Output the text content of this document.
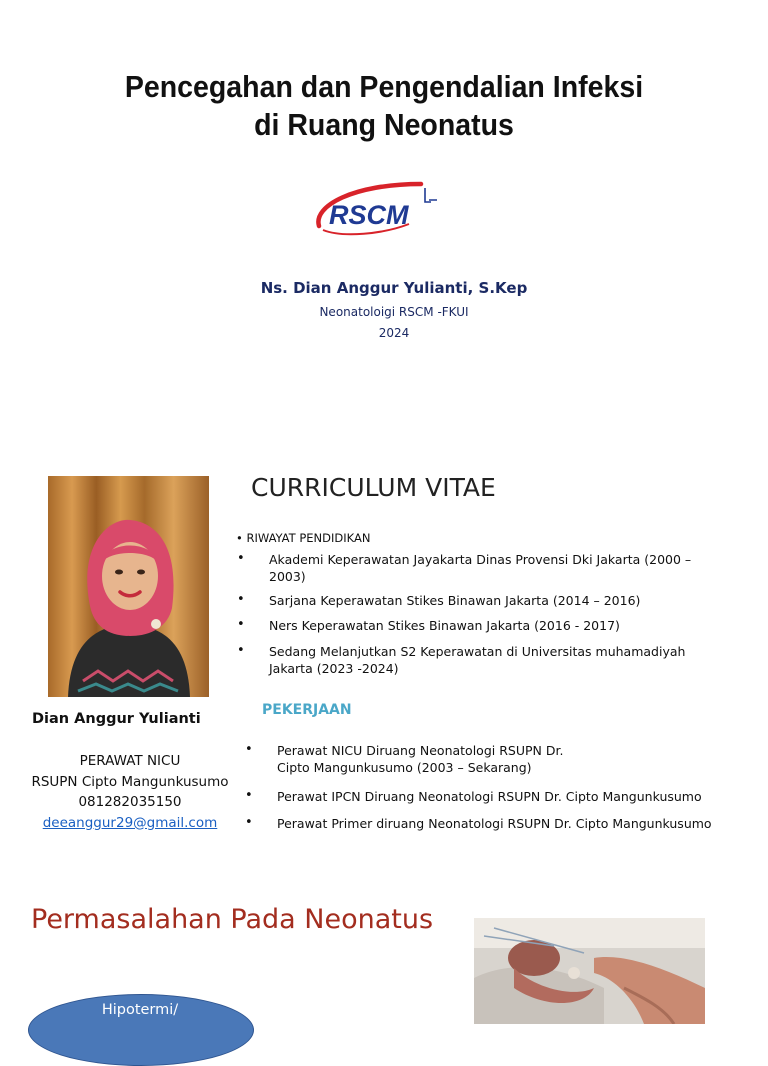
Pencegahan dan Pengendalian Infeksi
di Ruang Neonatus
RSCM
Ns. Dian Anggur Yulianti, S.Kep
Neonatoloigi RSCM -FKUI
2024
CURRICULUM VITAE
• RIWAYAT PENDIDIKAN
• Akademi Keperawatan Jayakarta Dinas Provensi Dki Jakarta (2000 –
2003)
• Sarjana Keperawatan Stikes Binawan Jakarta (2014 – 2016)
• Ners Keperawatan Stikes Binawan Jakarta (2016 - 2017)
• Sedang Melanjutkan S2 Keperawatan di Universitas muhamadiyah
Jakarta (2023 -2024)
PEKERJAAN
• Perawat NICU Diruang Neonatologi RSUPN Dr.
Cipto Mangunkusumo (2003 – Sekarang)
• Perawat IPCN Diruang Neonatologi RSUPN Dr. Cipto Mangunkusumo
• Perawat Primer diruang Neonatologi RSUPN Dr. Cipto Mangunkusumo
Dian Anggur Yulianti
PERAWAT NICU
RSUPN Cipto Mangunkusumo
081282035150
deeanggur29@gmail.com
Permasalahan Pada Neonatus
Hipotermi/
